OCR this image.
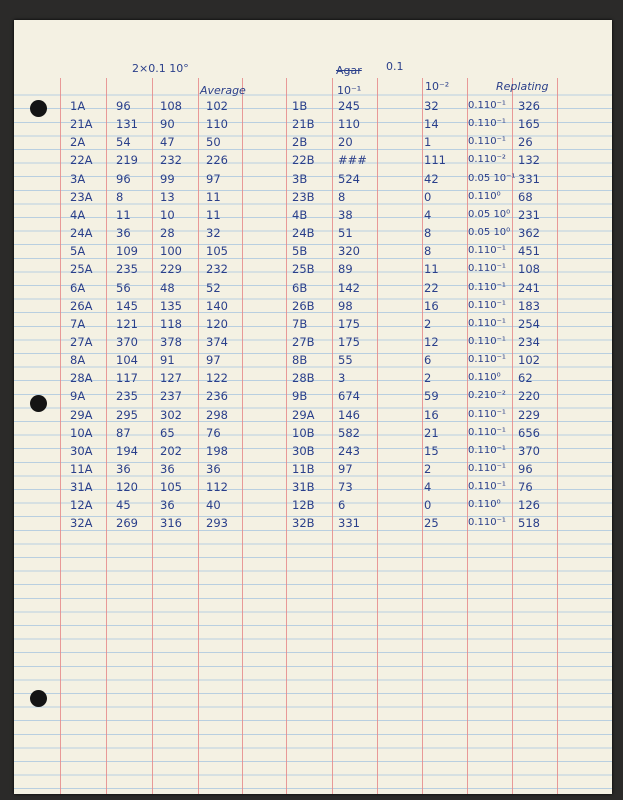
2×0.1 10°
Average
Agar 0.1
10⁻¹	10⁻²	Replating
1A	96	108 102	1B	245	32	0.110⁻¹ 326
21A 131 90	110	21B 110	14	0.110⁻¹ 165
2A	54	47	50	2B	20	1	0.110⁻¹ 26
22A 219 232 226	22B ###	111 0.110⁻² 132
3A	96	99	97	3B	524	42	0.05 10⁻¹ 331
23A 8	13	11	23B 8	0	0.110⁰ 68
4A	11	10	11	4B	38	4	0.05 10⁰ 231
24A 36	28	32	24B 51	8	0.05 10⁰ 362
5A	109 100 105	5B	320	8	0.110⁻¹ 451
25A 235 229 232	25B 89	11	0.110⁻¹ 108
6A	56	48	52	6B	142	22	0.110⁻¹ 241
26A 145 135 140	26B 98	16	0.110⁻¹ 183
7A	121 118 120	7B	175	2	0.110⁻¹ 254
27A 370 378 374	27B 175	12	0.110⁻¹ 234
8A	104 91	97	8B	55	6	0.110⁻¹ 102
28A 117 127 122	28B 3	2	0.110⁰ 62
9A	235 237 236	9B	674	59	0.210⁻² 220
29A 295 302 298	29A 146	16	0.110⁻¹ 229
10A 87	65	76	10B 582	21	0.110⁻¹ 656
30A 194 202 198	30B 243	15	0.110⁻¹ 370
11A 36	36	36	11B 97	2	0.110⁻¹ 96
31A 120 105 112	31B 73	4	0.110⁻¹ 76
12A 45	36	40	12B 6	0	0.110⁰ 126
32A 269 316 293	32B 331	25	0.110⁻¹ 518
